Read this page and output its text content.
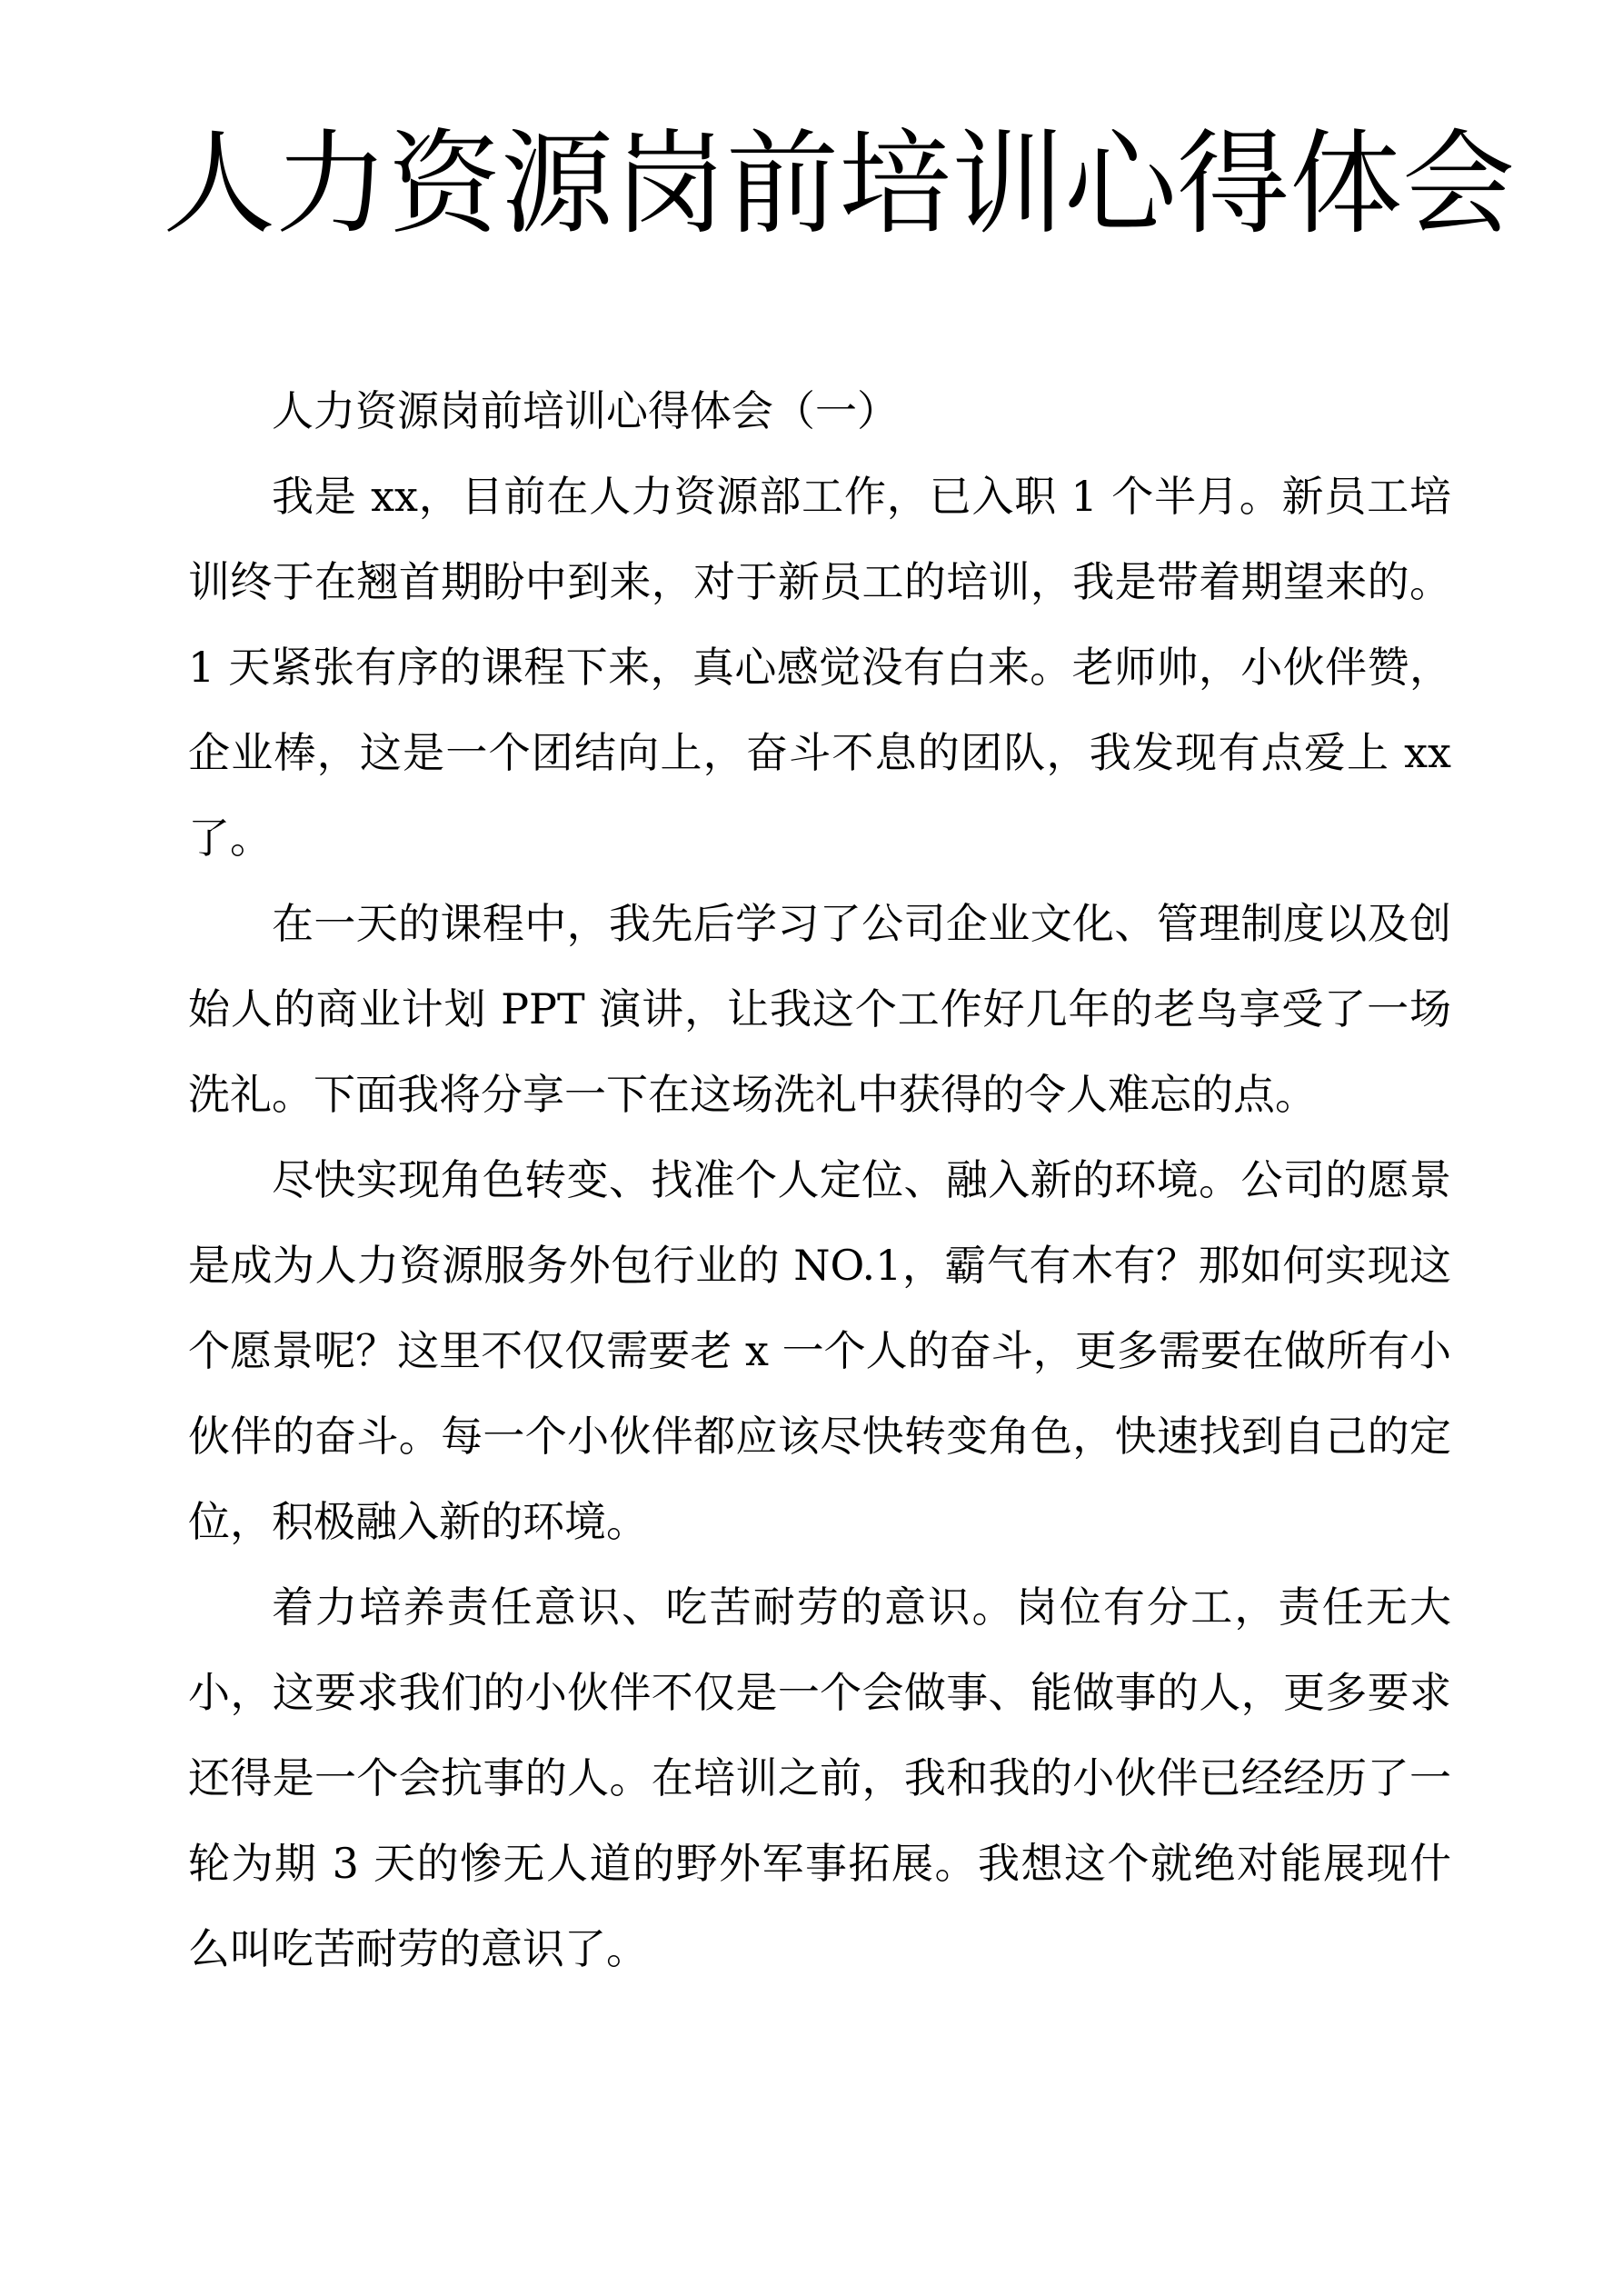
人力资源岗前培训心得体会

人力资源岗前培训心得体会（一）

我是 xx，目前在人力资源部工作，已入职 1 个半月。新员工培训终于在翘首期盼中到来，对于新员工的培训，我是带着期望来的。1 天紧张有序的课程下来，真心感觉没有白来。老师帅，小伙伴赞，企业棒，这是一个团结向上，奋斗不息的团队，我发现有点爱上 xx 了。

在一天的课程中，我先后学习了公司企业文化、管理制度以及创始人的商业计划 PPT 演讲，让我这个工作好几年的老鸟享受了一场洗礼。下面我将分享一下在这场洗礼中获得的令人难忘的点。

尽快实现角色转变、找准个人定位、融入新的环境。公司的愿景是成为人力资源服务外包行业的 NO.1，霸气有木有？那如何实现这个愿景呢？这里不仅仅需要老 x 一个人的奋斗，更多需要在做所有小伙伴的奋斗。每一个小伙伴都应该尽快转变角色，快速找到自己的定位，积极融入新的环境。

着力培养责任意识、吃苦耐劳的意识。岗位有分工，责任无大小，这要求我们的小伙伴不仅是一个会做事、能做事的人，更多要求还得是一个会抗事的人。在培训之前，我和我的小伙伴已经经历了一轮为期 3 天的惨无人道的野外军事拓展。我想这个就绝对能展现什么叫吃苦耐劳的意识了。
